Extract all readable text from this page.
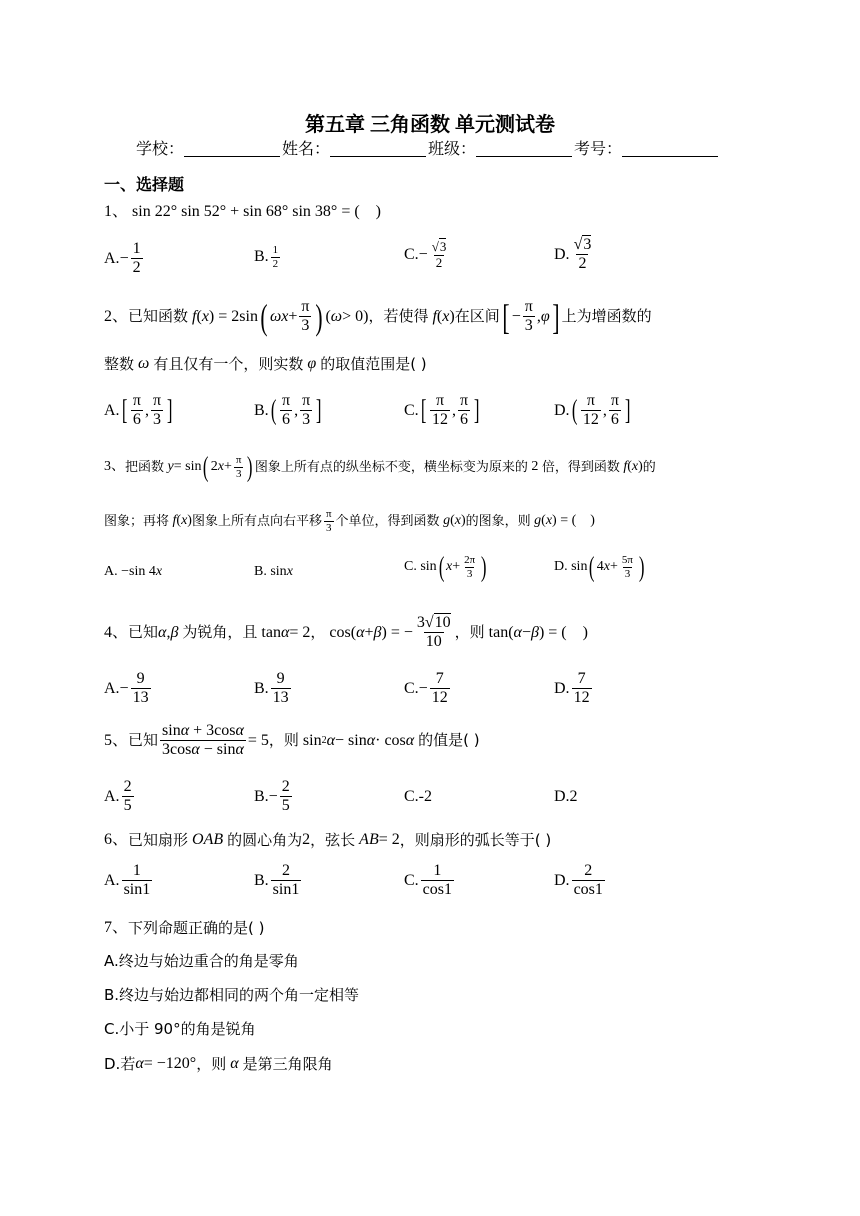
第五章 三角函数 单元测试卷
学校：	姓名：	班级：	考号：
一、选择题
1、 sin 22° sin 52° + sin 68° sin 38° = (    )
A. − $\frac{1}{2}$	B. $\frac{1}{2}$	C. − $\frac{√3}{2}$	D. $\frac{√3}{2}$
2、 已知函数
f ( x ) = 2sin ( $\omega x + \frac{\pi}{3}$ ) ( ω > 0) ，若使得
f ( x ) 在区间 [ − $\frac{\pi}{3}$ , φ ] 上为增函数的
整数
ω
有且仅有一个，则实数
φ
的取值范围是( )
A. [ $\frac{\pi}{6}$ , $\frac{\pi}{3}$ ]	B. ( $\frac{\pi}{6}$ , $\frac{\pi}{3}$ ]	C. [ $\frac{\pi}{12}$ , $\frac{\pi}{6}$ ]	D. ( $\frac{\pi}{12}$ , $\frac{\pi}{6}$ ]
3、 把函数
y = sin ( 2 $x + \frac{\pi}{3}$ ) 图象上所有点的纵坐标不变，横坐标变为原来的
2
倍，得到函数
f ( x ) 的
图象；再将
f ( x ) 图象上所有点向右平移 $\frac{\pi}{3}$ 个单位，得到函数
g ( x ) 的图象，则
g ( x ) = (    )
A. −sin 4 x	B. sin x	C. sin ( $x + \frac{2\pi}{3}$ )	D. sin ( 4 $x + \frac{5\pi}{3}$ )
4、 已知 α , β
为锐角，且 tan α = 2 ， cos( α + β ) = − $\frac{3√10}{10}$ ，则 tan( α − β ) = (    )
$A.- \frac{9}{13}$	B. $\frac{9}{13}$	$C.- \frac{7}{12}$	D. $\frac{7}{12}$
5、 已知 $\frac{\sin\alpha + 3\cos\alpha}{3\cos\alpha - \sin\alpha} = 5$ ，则 sin 2 α − sin α · cos α
的值是( )
A. $\frac{2}{5}$	$B.- \frac{2}{5}$	C.-2	D.2
6、 已知扇形
OAB
的圆心角为 2 ，弦长
AB = 2 ，则扇形的弧长等于( )
A. $\frac{1}{\sin 1}$	B. $\frac{2}{\sin 1}$	C. $\frac{1}{\cos 1}$	D. $\frac{2}{\cos 1}$
7、 下列命题正确的是( )
A.终边与始边重合的角是零角
B.终边与始边都相同的两个角一定相等
C.小于 90°的角是锐角
D.若 α = −120° ，则
α
是第三角限角
